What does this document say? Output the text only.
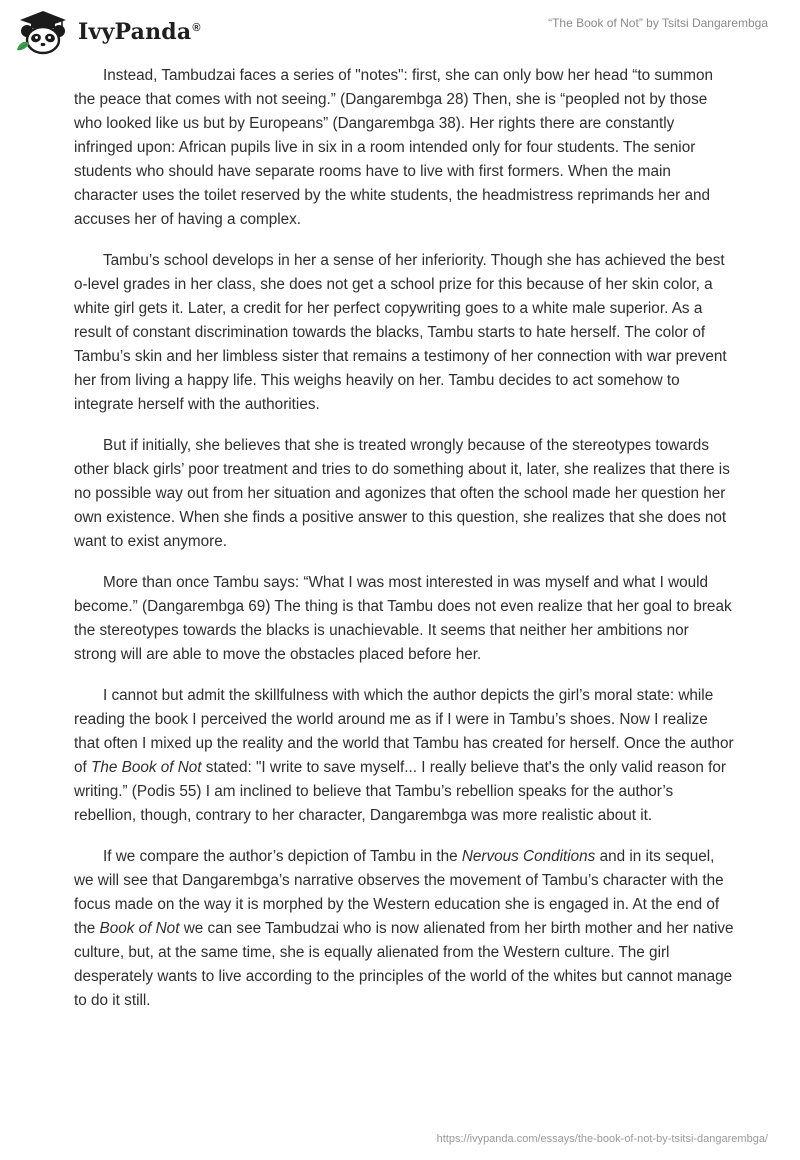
IvyPanda®	“The Book of Not” by Tsitsi Dangarembga

Instead, Tambudzai faces a series of "notes": first, she can only bow her head “to summon the peace that comes with not seeing.” (Dangarembga 28) Then, she is “peopled not by those who looked like us but by Europeans” (Dangarembga 38). Her rights there are constantly infringed upon: African pupils live in six in a room intended only for four students. The senior students who should have separate rooms have to live with first formers. When the main character uses the toilet reserved by the white students, the headmistress reprimands her and accuses her of having a complex.

Tambu’s school develops in her a sense of her inferiority. Though she has achieved the best o-level grades in her class, she does not get a school prize for this because of her skin color, a white girl gets it. Later, a credit for her perfect copywriting goes to a white male superior. As a result of constant discrimination towards the blacks, Tambu starts to hate herself. The color of Tambu’s skin and her limbless sister that remains a testimony of her connection with war prevent her from living a happy life. This weighs heavily on her. Tambu decides to act somehow to integrate herself with the authorities.

But if initially, she believes that she is treated wrongly because of the stereotypes towards other black girls’ poor treatment and tries to do something about it, later, she realizes that there is no possible way out from her situation and agonizes that often the school made her question her own existence. When she finds a positive answer to this question, she realizes that she does not want to exist anymore.

More than once Tambu says: “What I was most interested in was myself and what I would become.” (Dangarembga 69) The thing is that Tambu does not even realize that her goal to break the stereotypes towards the blacks is unachievable. It seems that neither her ambitions nor strong will are able to move the obstacles placed before her.

I cannot but admit the skillfulness with which the author depicts the girl’s moral state: while reading the book I perceived the world around me as if I were in Tambu’s shoes. Now I realize that often I mixed up the reality and the world that Tambu has created for herself. Once the author of The Book of Not stated: "I write to save myself... I really believe that's the only valid reason for writing.” (Podis 55) I am inclined to believe that Tambu’s rebellion speaks for the author’s rebellion, though, contrary to her character, Dangarembga was more realistic about it.

If we compare the author’s depiction of Tambu in the Nervous Conditions and in its sequel, we will see that Dangarembga’s narrative observes the movement of Tambu’s character with the focus made on the way it is morphed by the Western education she is engaged in. At the end of the Book of Not we can see Tambudzai who is now alienated from her birth mother and her native culture, but, at the same time, she is equally alienated from the Western culture. The girl desperately wants to live according to the principles of the world of the whites but cannot manage to do it still.

https://ivypanda.com/essays/the-book-of-not-by-tsitsi-dangarembga/
